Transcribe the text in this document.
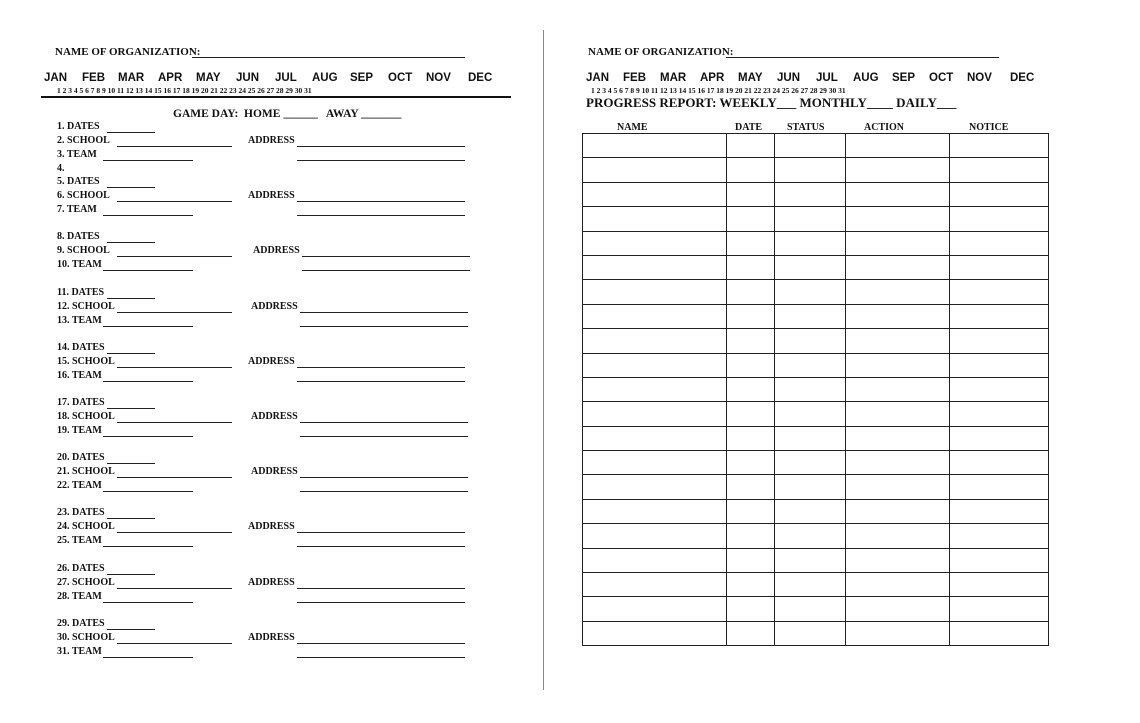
NAME OF ORGANIZATION:
JAN FEB MAR APR MAY JUN JUL AUG SEP OCT NOV DEC
1 2 3 4 5 6 7 8 9 10 11 12 13 14 15 16 17 18 19 20 21 22 23 24 25 26 27 28 29 30 31
GAME DAY:  HOME ______   AWAY _______
1. DATES
2. SCHOOL	ADDRESS
3. TEAM
4.
5. DATES
6. SCHOOL	ADDRESS
7. TEAM
8. DATES
9. SCHOOL	ADDRESS
10. TEAM
11. DATES
12. SCHOOL	ADDRESS
13. TEAM
14. DATES
15. SCHOOL	ADDRESS
16. TEAM
17. DATES
18. SCHOOL	ADDRESS
19. TEAM
20. DATES
21. SCHOOL	ADDRESS
22. TEAM
23. DATES
24. SCHOOL	ADDRESS
25. TEAM
26. DATES
27. SCHOOL	ADDRESS
28. TEAM
29. DATES
30. SCHOOL	ADDRESS
31. TEAM
NAME OF ORGANIZATION:
JAN FEB MAR APR MAY JUN JUL AUG SEP OCT NOV DEC
1 2 3 4 5 6 7 8 9 10 11 12 13 14 15 16 17 18 19 20 21 22 23 24 25 26 27 28 29 30 31
PROGRESS REPORT: WEEKLY___ MONTHLY____ DAILY___
NAME	DATE STATUS	ACTION	NOTICE
